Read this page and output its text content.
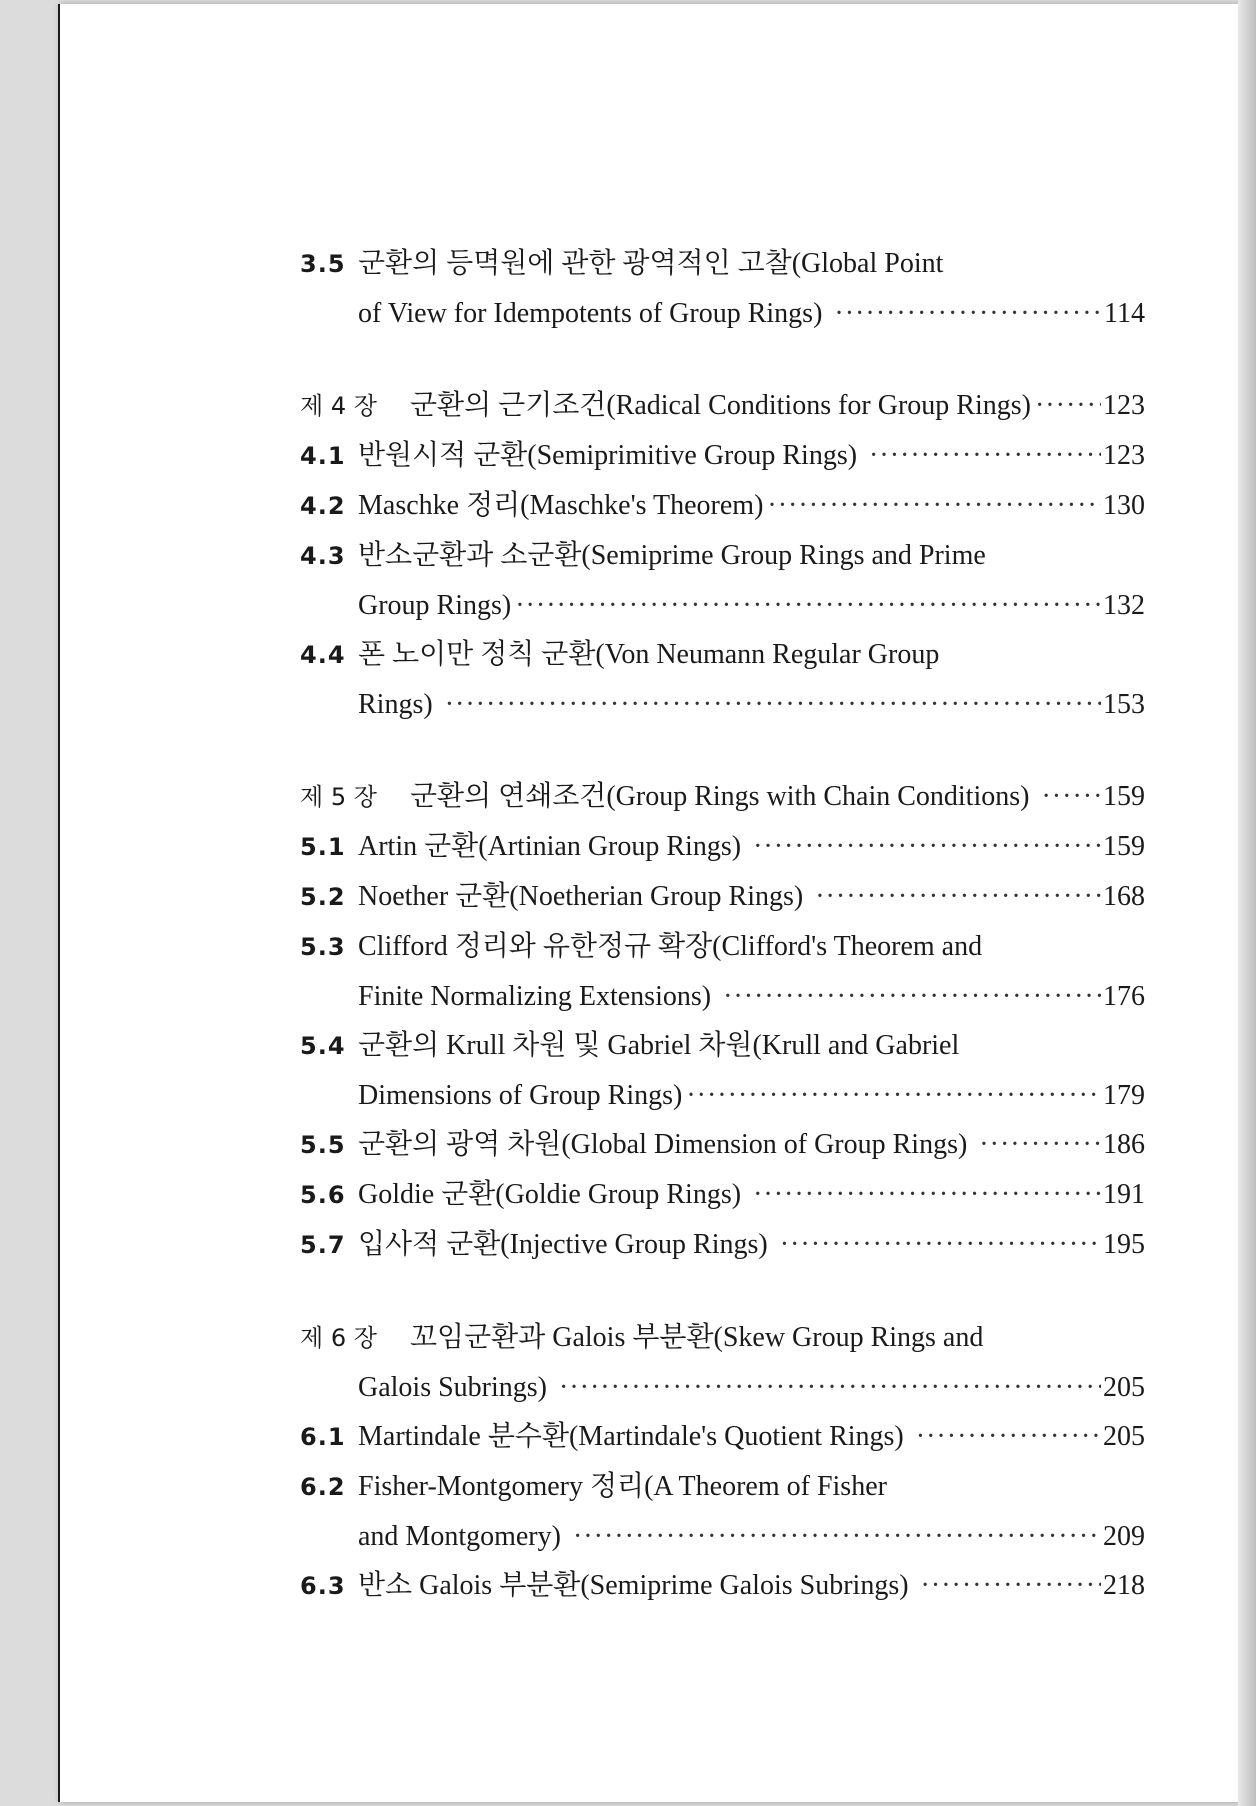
3.5 군환의 등멱원에 관한 광역적인 고찰(Global Point
of View for Idempotents of Group Rings) ·····	114
제 4 장	군환의 근기조건(Radical Conditions for Group Rings) ·····	123
4.1 반원시적 군환(Semiprimitive Group Rings) ·····	123
4.2 Maschke 정리(Maschke's Theorem) ·····	130
4.3 반소군환과 소군환(Semiprime Group Rings and Prime
Group Rings) ·····	132
4.4 폰 노이만 정칙 군환(Von Neumann Regular Group
Rings) ·····	153
제 5 장	군환의 연쇄조건(Group Rings with Chain Conditions) ·····	159
5.1 Artin 군환(Artinian Group Rings) ·····	159
5.2 Noether 군환(Noetherian Group Rings) ·····	168
5.3 Clifford 정리와 유한정규 확장(Clifford's Theorem and
Finite Normalizing Extensions) ·····	176
5.4 군환의 Krull 차원 및 Gabriel 차원(Krull and Gabriel
Dimensions of Group Rings) ·····	179
5.5 군환의 광역 차원(Global Dimension of Group Rings) ·····	186
5.6 Goldie 군환(Goldie Group Rings) ·····	191
5.7 입사적 군환(Injective Group Rings) ·····	195
제 6 장	꼬임군환과 Galois 부분환(Skew Group Rings and
Galois Subrings) ·····	205
6.1 Martindale 분수환(Martindale's Quotient Rings) ·····	205
6.2 Fisher-Montgomery 정리(A Theorem of Fisher
and Montgomery) ·····	209
6.3 반소 Galois 부분환(Semiprime Galois Subrings) ·····	218
